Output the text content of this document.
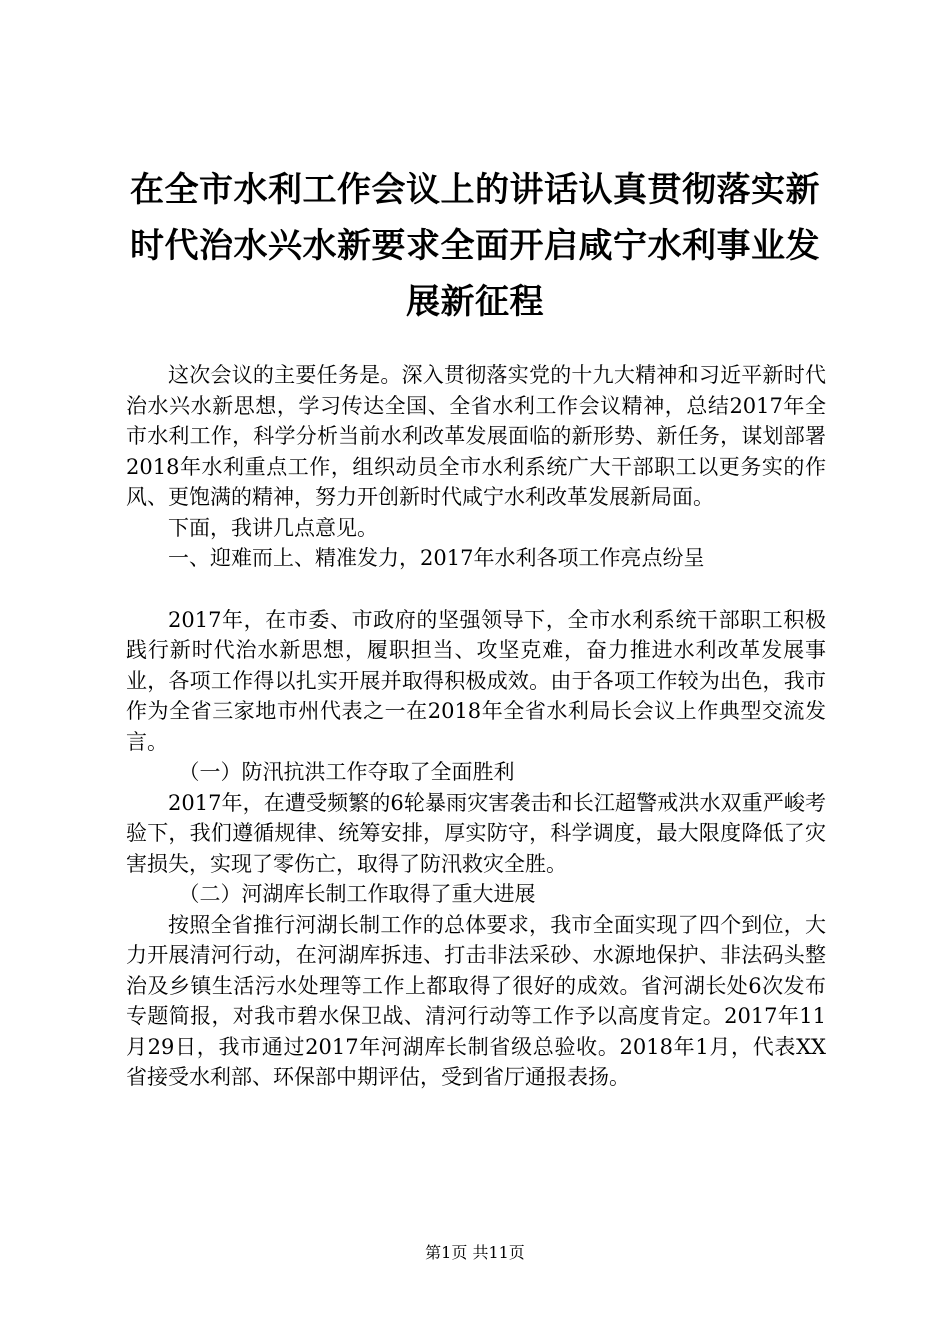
在全市水利工作会议上的讲话认真贯彻落实新时代治水兴水新要求全面开启咸宁水利事业发展新征程

这次会议的主要任务是。深入贯彻落实党的十九大精神和习近平新时代治水兴水新思想，学习传达全国、全省水利工作会议精神，总结2017年全市水利工作，科学分析当前水利改革发展面临的新形势、新任务，谋划部署2018年水利重点工作，组织动员全市水利系统广大干部职工以更务实的作风、更饱满的精神，努力开创新时代咸宁水利改革发展新局面。

下面，我讲几点意见。

一、迎难而上、精准发力，2017年水利各项工作亮点纷呈

2017年，在市委、市政府的坚强领导下，全市水利系统干部职工积极践行新时代治水新思想，履职担当、攻坚克难，奋力推进水利改革发展事业，各项工作得以扎实开展并取得积极成效。由于各项工作较为出色，我市作为全省三家地市州代表之一在2018年全省水利局长会议上作典型交流发言。

（一）防汛抗洪工作夺取了全面胜利

2017年，在遭受频繁的6轮暴雨灾害袭击和长江超警戒洪水双重严峻考验下，我们遵循规律、统筹安排，厚实防守，科学调度，最大限度降低了灾害损失，实现了零伤亡，取得了防汛救灾全胜。

（二）河湖库长制工作取得了重大进展

按照全省推行河湖长制工作的总体要求，我市全面实现了四个到位，大力开展清河行动，在河湖库拆违、打击非法采砂、水源地保护、非法码头整治及乡镇生活污水处理等工作上都取得了很好的成效。省河湖长处6次发布专题简报，对我市碧水保卫战、清河行动等工作予以高度肯定。2017年11月29日，我市通过2017年河湖库长制省级总验收。2018年1月，代表XX省接受水利部、环保部中期评估，受到省厅通报表扬。

第1页 共11页
